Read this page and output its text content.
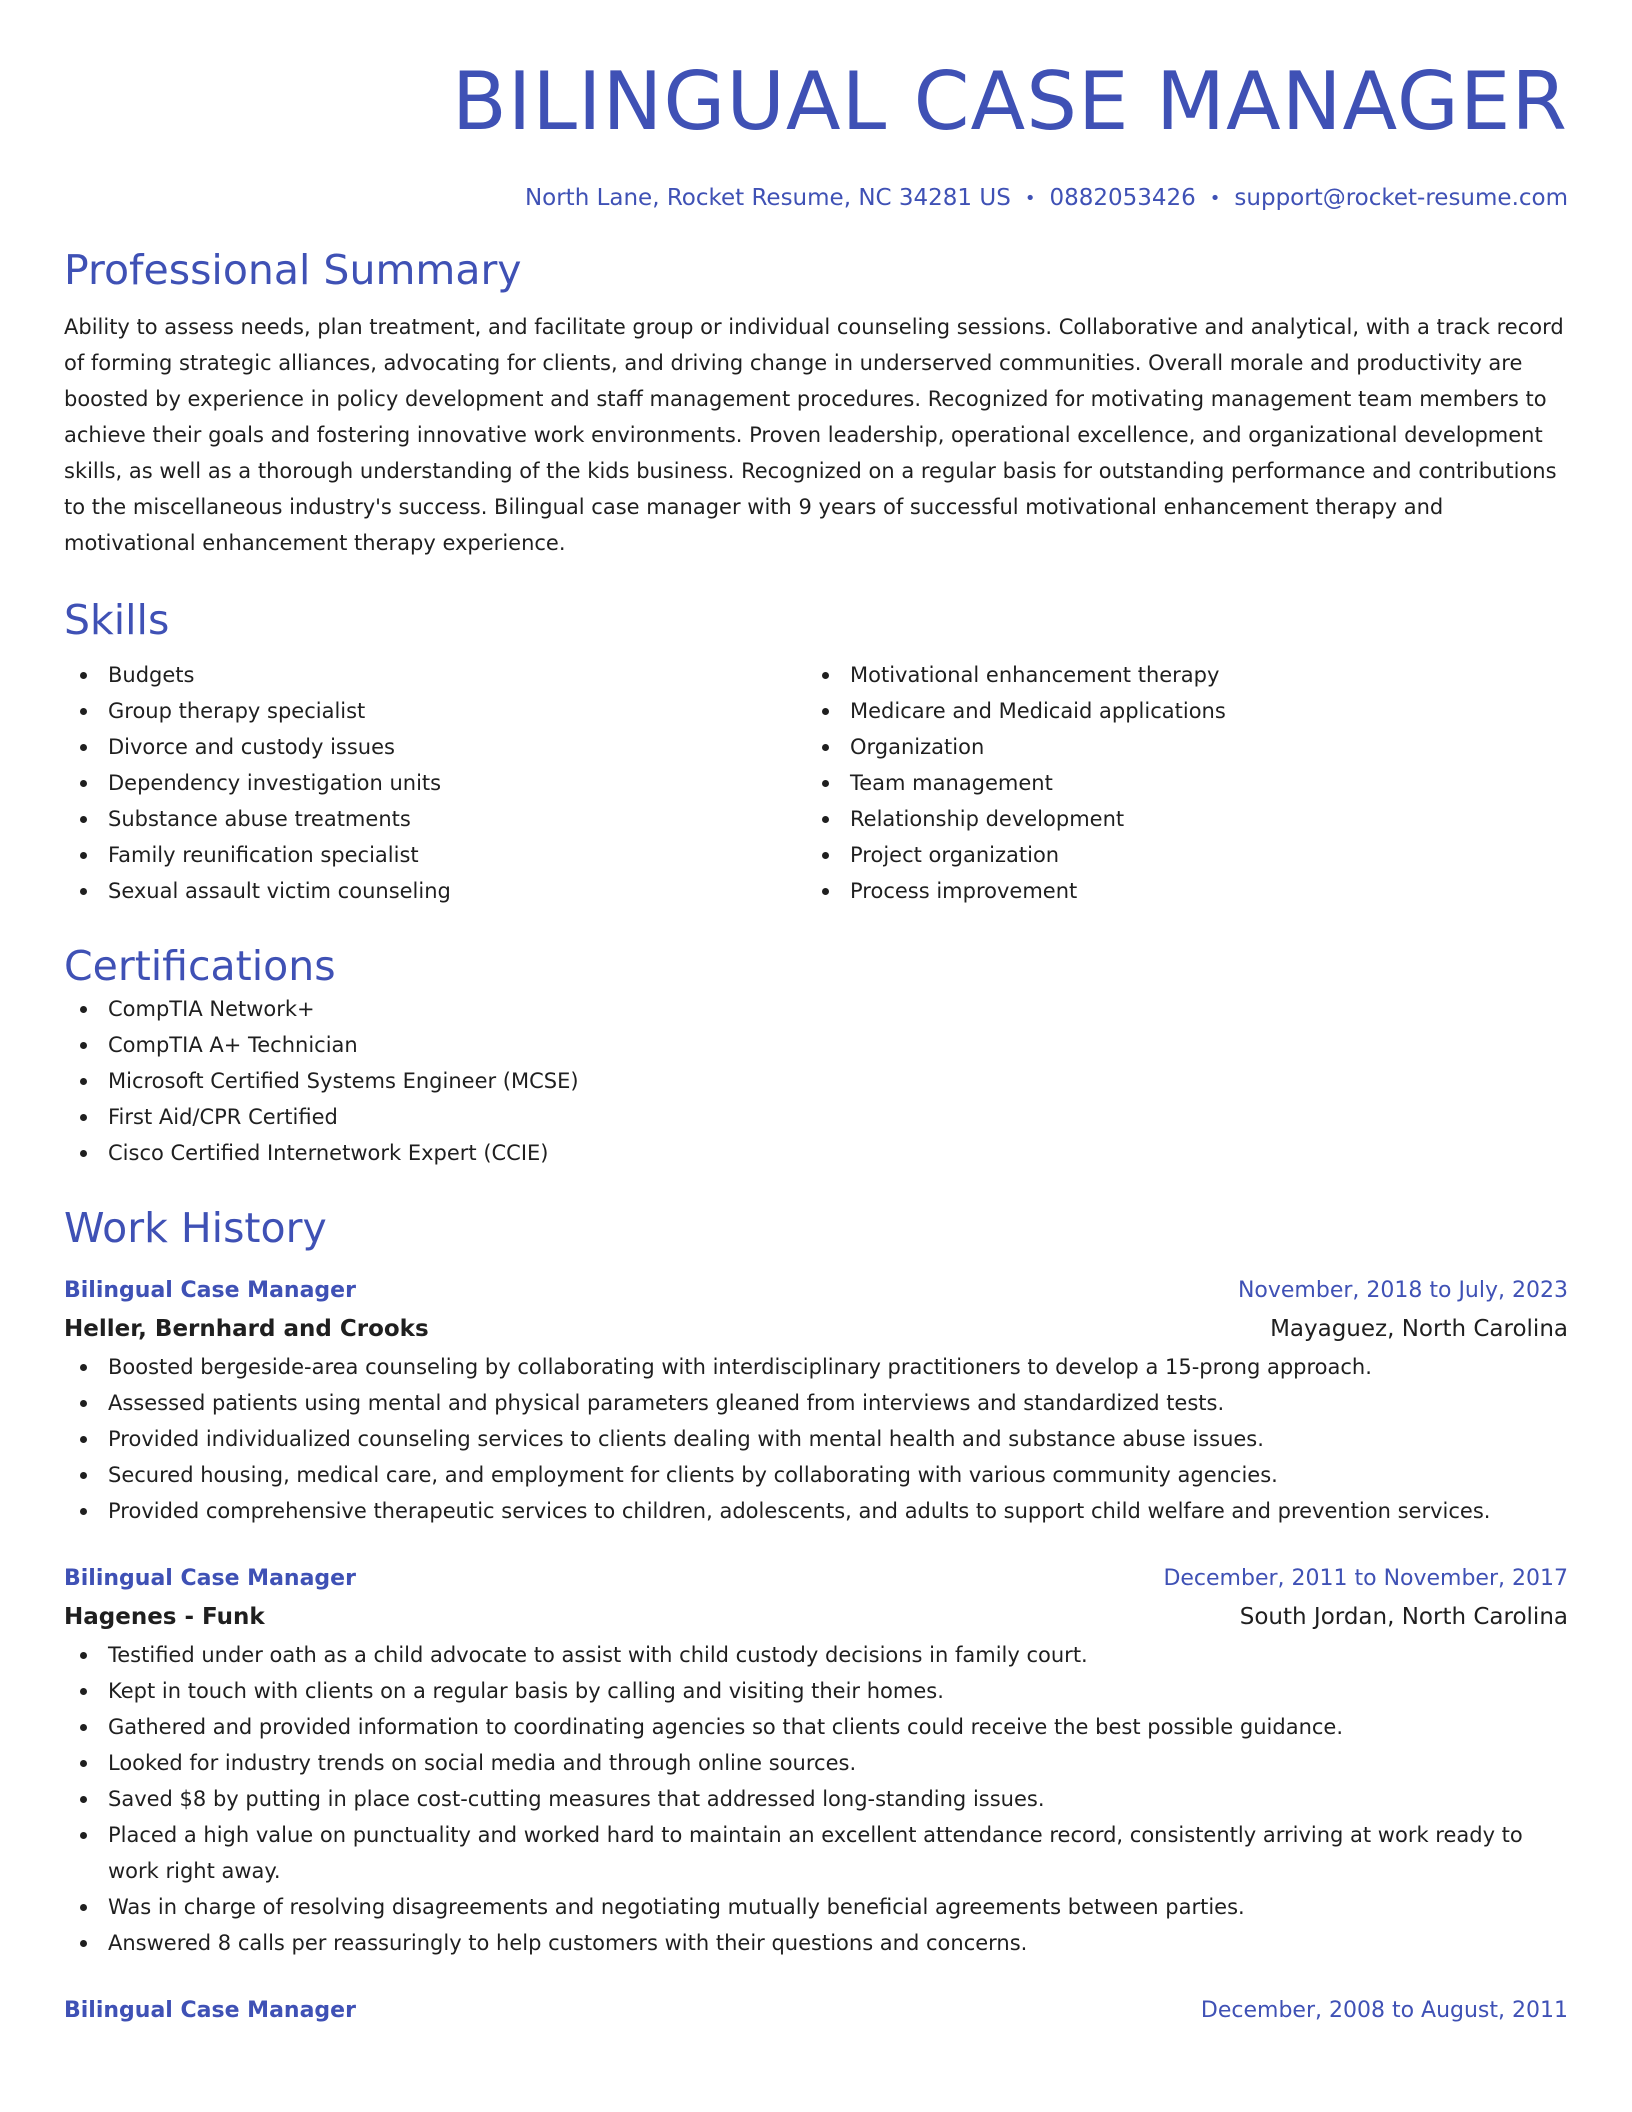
BILINGUAL CASE MANAGER
North Lane, Rocket Resume, NC 34281 US • 0882053426 • support@rocket-resume.com
Professional Summary

Ability to assess needs, plan treatment, and facilitate group or individual counseling sessions. Collaborative and analytical, with a track record of forming strategic alliances, advocating for clients, and driving change in underserved communities. Overall morale and productivity are boosted by experience in policy development and staff management procedures. Recognized for motivating management team members to achieve their goals and fostering innovative work environments. Proven leadership, operational excellence, and organizational development skills, as well as a thorough understanding of the kids business. Recognized on a regular basis for outstanding performance and contributions to the miscellaneous industry's success. Bilingual case manager with 9 years of successful motivational enhancement therapy and motivational enhancement therapy experience.

Skills
Budgets
Group therapy specialist
Divorce and custody issues
Dependency investigation units
Substance abuse treatments
Family reunification specialist
Sexual assault victim counseling
Motivational enhancement therapy
Medicare and Medicaid applications
Organization
Team management
Relationship development
Project organization
Process improvement
Certifications
CompTIA Network+
CompTIA A+ Technician
Microsoft Certified Systems Engineer (MCSE)
First Aid/CPR Certified
Cisco Certified Internetwork Expert (CCIE)
Work History
Bilingual Case Manager	November, 2018 to July, 2023
Heller, Bernhard and Crooks	Mayaguez, North Carolina
Boosted bergeside-area counseling by collaborating with interdisciplinary practitioners to develop a 15-prong approach.
Assessed patients using mental and physical parameters gleaned from interviews and standardized tests.
Provided individualized counseling services to clients dealing with mental health and substance abuse issues.
Secured housing, medical care, and employment for clients by collaborating with various community agencies.
Provided comprehensive therapeutic services to children, adolescents, and adults to support child welfare and prevention services.
Bilingual Case Manager	December, 2011 to November, 2017
Hagenes - Funk	South Jordan, North Carolina
Testified under oath as a child advocate to assist with child custody decisions in family court.
Kept in touch with clients on a regular basis by calling and visiting their homes.
Gathered and provided information to coordinating agencies so that clients could receive the best possible guidance.
Looked for industry trends on social media and through online sources.
Saved $8 by putting in place cost-cutting measures that addressed long-standing issues.
Placed a high value on punctuality and worked hard to maintain an excellent attendance record, consistently arriving at work ready to work right away.
Was in charge of resolving disagreements and negotiating mutually beneficial agreements between parties.
Answered 8 calls per reassuringly to help customers with their questions and concerns.
Bilingual Case Manager	December, 2008 to August, 2011
